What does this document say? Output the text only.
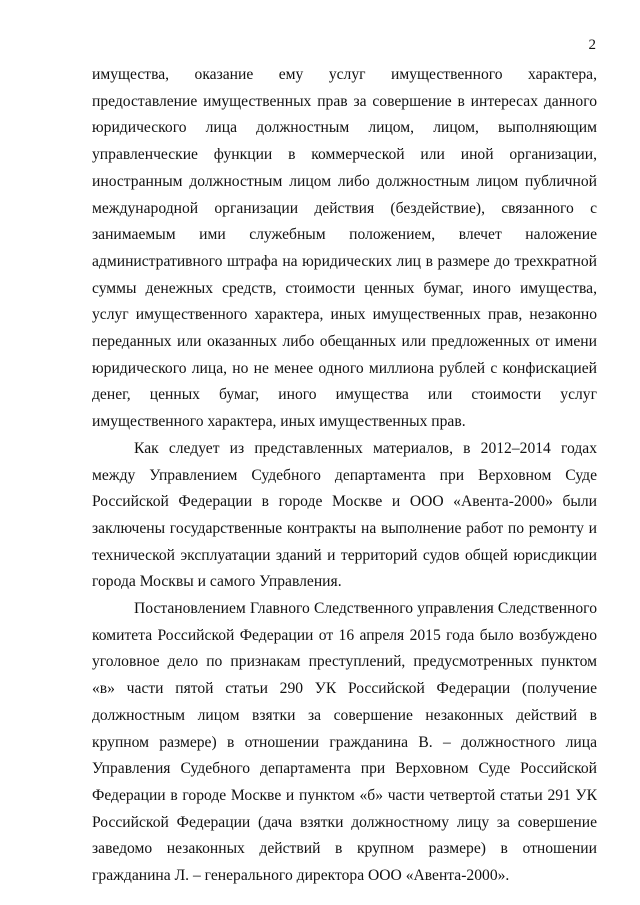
2

имущества, оказание ему услуг имущественного характера, предоставление имущественных прав за совершение в интересах данного юридического лица должностным лицом, лицом, выполняющим управленческие функции в коммерческой или иной организации, иностранным должностным лицом либо должностным лицом публичной международной организации действия (бездействие), связанного с занимаемым ими служебным положением, влечет наложение административного штрафа на юридических лиц в размере до трехкратной суммы денежных средств, стоимости ценных бумаг, иного имущества, услуг имущественного характера, иных имущественных прав, незаконно переданных или оказанных либо обещанных или предложенных от имени юридического лица, но не менее одного миллиона рублей с конфискацией денег, ценных бумаг, иного имущества или стоимости услуг имущественного характера, иных имущественных прав.

Как следует из представленных материалов, в 2012–2014 годах между Управлением Судебного департамента при Верховном Суде Российской Федерации в городе Москве и ООО «Авента-2000» были заключены государственные контракты на выполнение работ по ремонту и технической эксплуатации зданий и территорий судов общей юрисдикции города Москвы и самого Управления.

Постановлением Главного Следственного управления Следственного комитета Российской Федерации от 16 апреля 2015 года было возбуждено уголовное дело по признакам преступлений, предусмотренных пунктом «в» части пятой статьи 290 УК Российской Федерации (получение должностным лицом взятки за совершение незаконных действий в крупном размере) в отношении гражданина В. – должностного лица Управления Судебного департамента при Верховном Суде Российской Федерации в городе Москве и пунктом «б» части четвертой статьи 291 УК Российской Федерации (дача взятки должностному лицу за совершение заведомо незаконных действий в крупном размере) в отношении гражданина Л. – генерального директора ООО «Авента-2000».
